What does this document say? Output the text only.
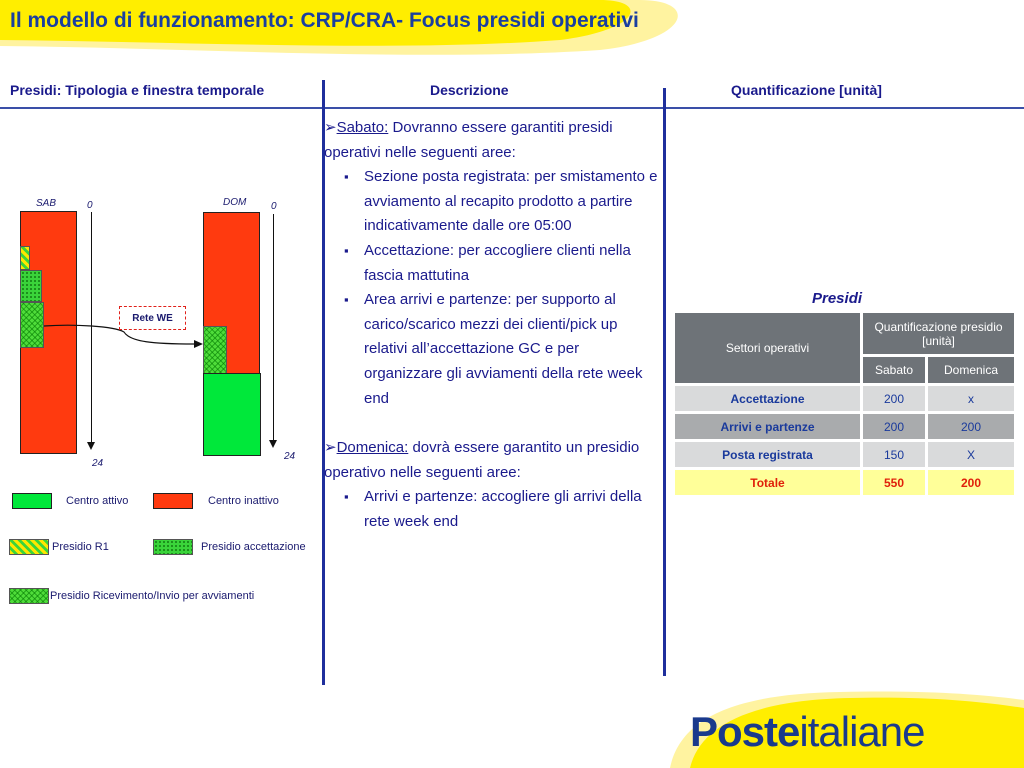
Il modello di funzionamento: CRP/CRA- Focus presidi operativi
Presidi: Tipologia e finestra temporale	Descrizione	Quantificazione [unità]
SAB	0	DOM 0
24
24
Rete WE
Centro attivo	Centro inattivo
Presidio R1	Presidio accettazione
Presidio Ricevimento/Invio per avviamenti

➢Sabato: Dovranno essere garantiti presidi operativi nelle seguenti aree:

▪ Sezione posta registrata: per smistamento e avviamento al recapito prodotto a partire indicativamente dalle ore 05:00
▪ Accettazione: per accogliere clienti nella fascia mattutina
▪ Area arrivi e partenze: per supporto al carico/scarico mezzi dei clienti/pick up relativi all’accettazione GC e per organizzare gli avviamenti della rete week end

➢Domenica: dovrà essere garantito un presidio operativo nelle seguenti aree:

▪ Arrivi e partenze: accogliere gli arrivi della rete week end
Presidi
Settori operativi	Quantificazione presidio [unità]	
	Sabato	Domenica
Accettazione	200	x
Arrivi e partenze	200	200
Posta registrata	150	X
Totale	550	200
Posteitaliane
